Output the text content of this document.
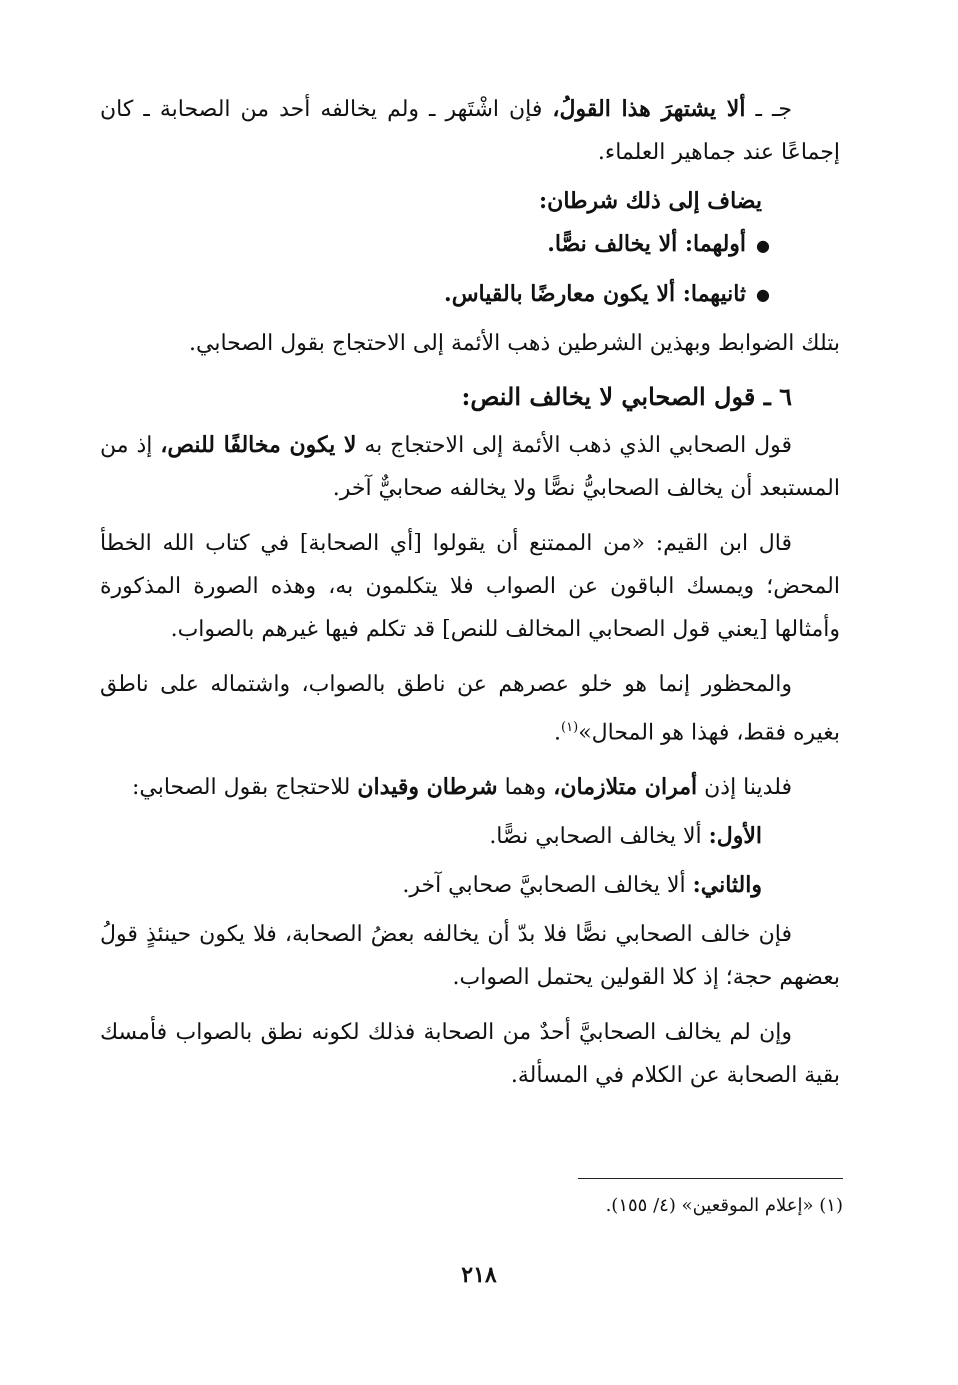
جـ ـ ألا يشتهرَ هذا القولُ، فإن اشْتَهر ـ ولم يخالفه أحد من الصحابة ـ كان إجماعًا عند جماهير العلماء.

يضاف إلى ذلك شرطان:

●أولهما: ألا يخالف نصًّا.

●ثانيهما: ألا يكون معارضًا بالقياس.

بتلك الضوابط وبهذين الشرطين ذهب الأئمة إلى الاحتجاج بقول الصحابي.

٦ ـ قول الصحابي لا يخالف النص:

قول الصحابي الذي ذهب الأئمة إلى الاحتجاج به لا يكون مخالفًا للنص، إذ من المستبعد أن يخالف الصحابيُّ نصًّا ولا يخالفه صحابيٌّ آخر.

قال ابن القيم: «من الممتنع أن يقولوا [أي الصحابة] في كتاب الله الخطأ المحض؛ ويمسك الباقون عن الصواب فلا يتكلمون به، وهذه الصورة المذكورة وأمثالها [يعني قول الصحابي المخالف للنص] قد تكلم فيها غيرهم بالصواب.

والمحظور إنما هو خلو عصرهم عن ناطق بالصواب، واشتماله على ناطق بغيره فقط، فهذا هو المحال»$^{(١)}$.

فلدينا إذن أمران متلازمان، وهما شرطان وقيدان للاحتجاج بقول الصحابي:

الأول: ألا يخالف الصحابي نصًّا.

والثاني: ألا يخالف الصحابيَّ صحابي آخر.

فإن خالف الصحابي نصًّا فلا بدّ أن يخالفه بعضُ الصحابة، فلا يكون حينئذٍ قولُ بعضهم حجة؛ إذ كلا القولين يحتمل الصواب.

وإن لم يخالف الصحابيَّ أحدٌ من الصحابة فذلك لكونه نطق بالصواب فأمسك بقية الصحابة عن الكلام في المسألة.

(١) «إعلام الموقعين» (٤/ ١٥٥).

٢١٨
